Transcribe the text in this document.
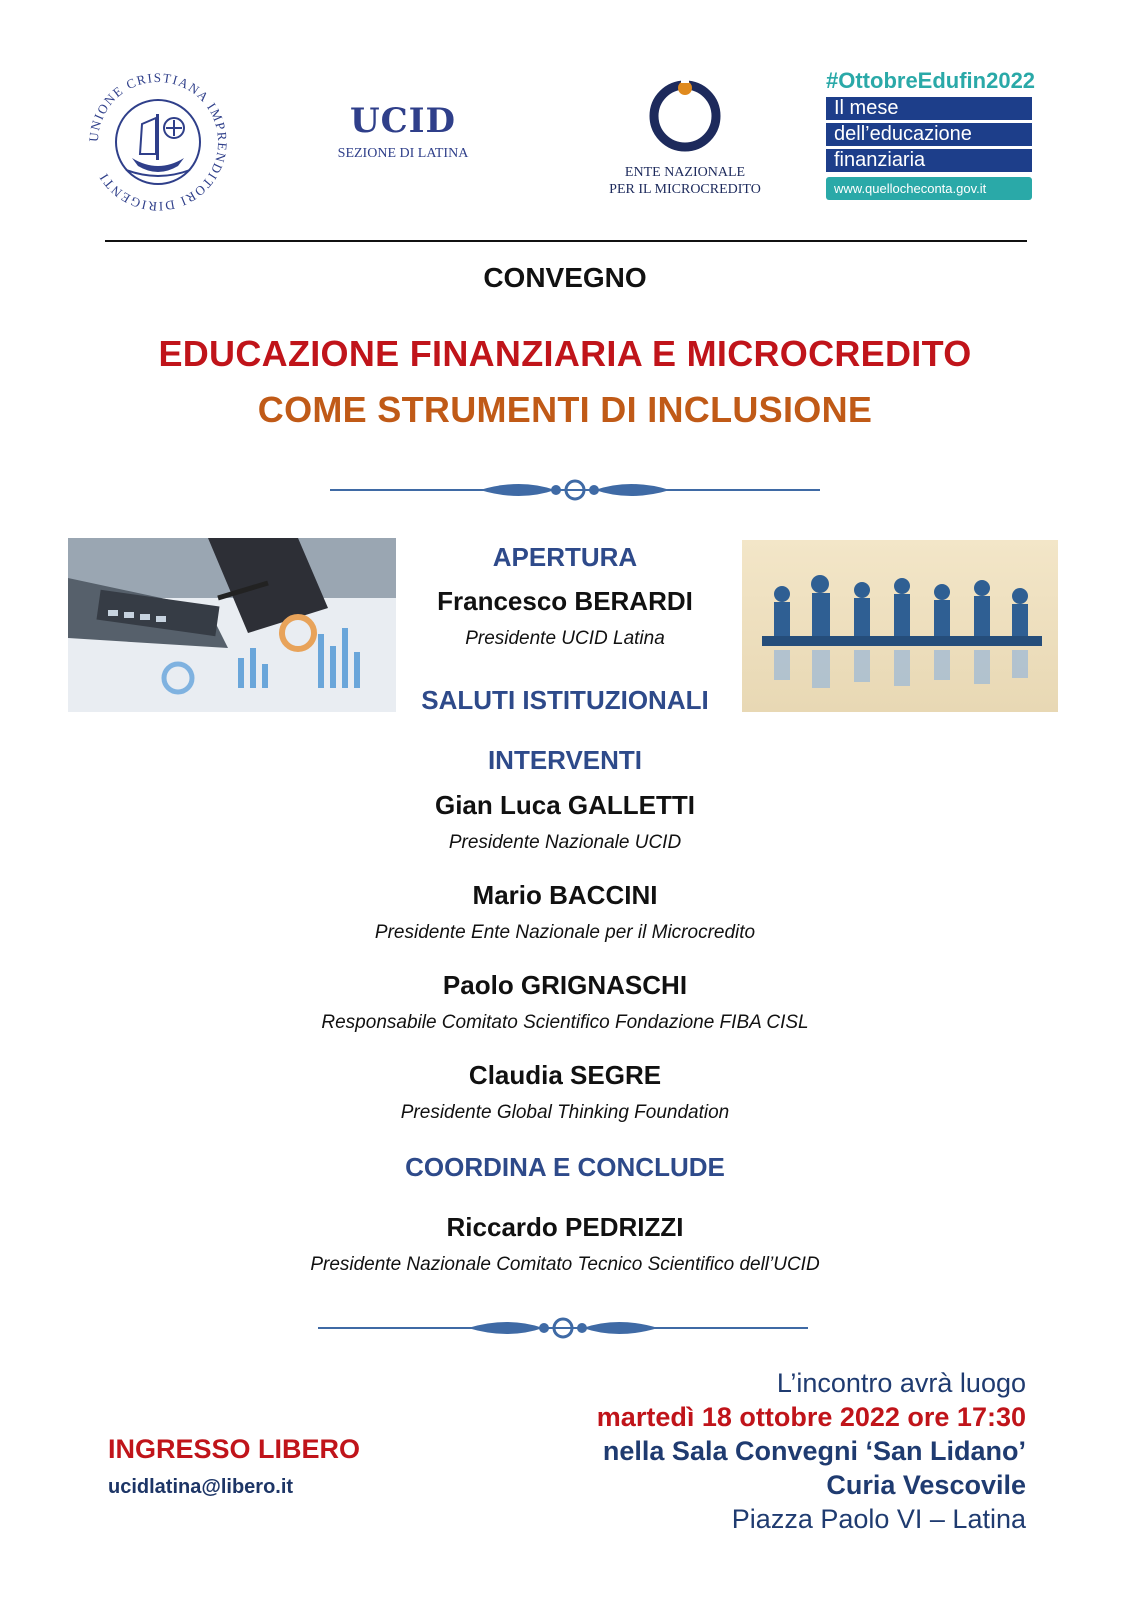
UNIONE CRISTIANA IMPRENDITORI DIRIGENTI
UCID
SEZIONE DI LATINA
ENTE NAZIONALE
PER IL MICROCREDITO
#OttobreEdufin2022
Il mese
dell’educazione
finanziaria
www.quellocheconta.gov.it
CONVEGNO
EDUCAZIONE FINANZIARIA E MICROCREDITO
COME STRUMENTI DI INCLUSIONE
APERTURA
Francesco BERARDI
Presidente UCID Latina
SALUTI ISTITUZIONALI
INTERVENTI
Gian Luca GALLETTI
Presidente Nazionale UCID
Mario BACCINI
Presidente Ente Nazionale per il Microcredito
Paolo GRIGNASCHI
Responsabile Comitato Scientifico Fondazione FIBA CISL
Claudia SEGRE
Presidente Global Thinking Foundation
COORDINA E CONCLUDE
Riccardo PEDRIZZI
Presidente Nazionale Comitato Tecnico Scientifico dell’UCID
INGRESSO LIBERO
ucidlatina@libero.it
L’incontro avrà luogo
martedì 18 ottobre 2022 ore 17:30
nella Sala Convegni ‘San Lidano’
Curia Vescovile
Piazza Paolo VI – Latina
